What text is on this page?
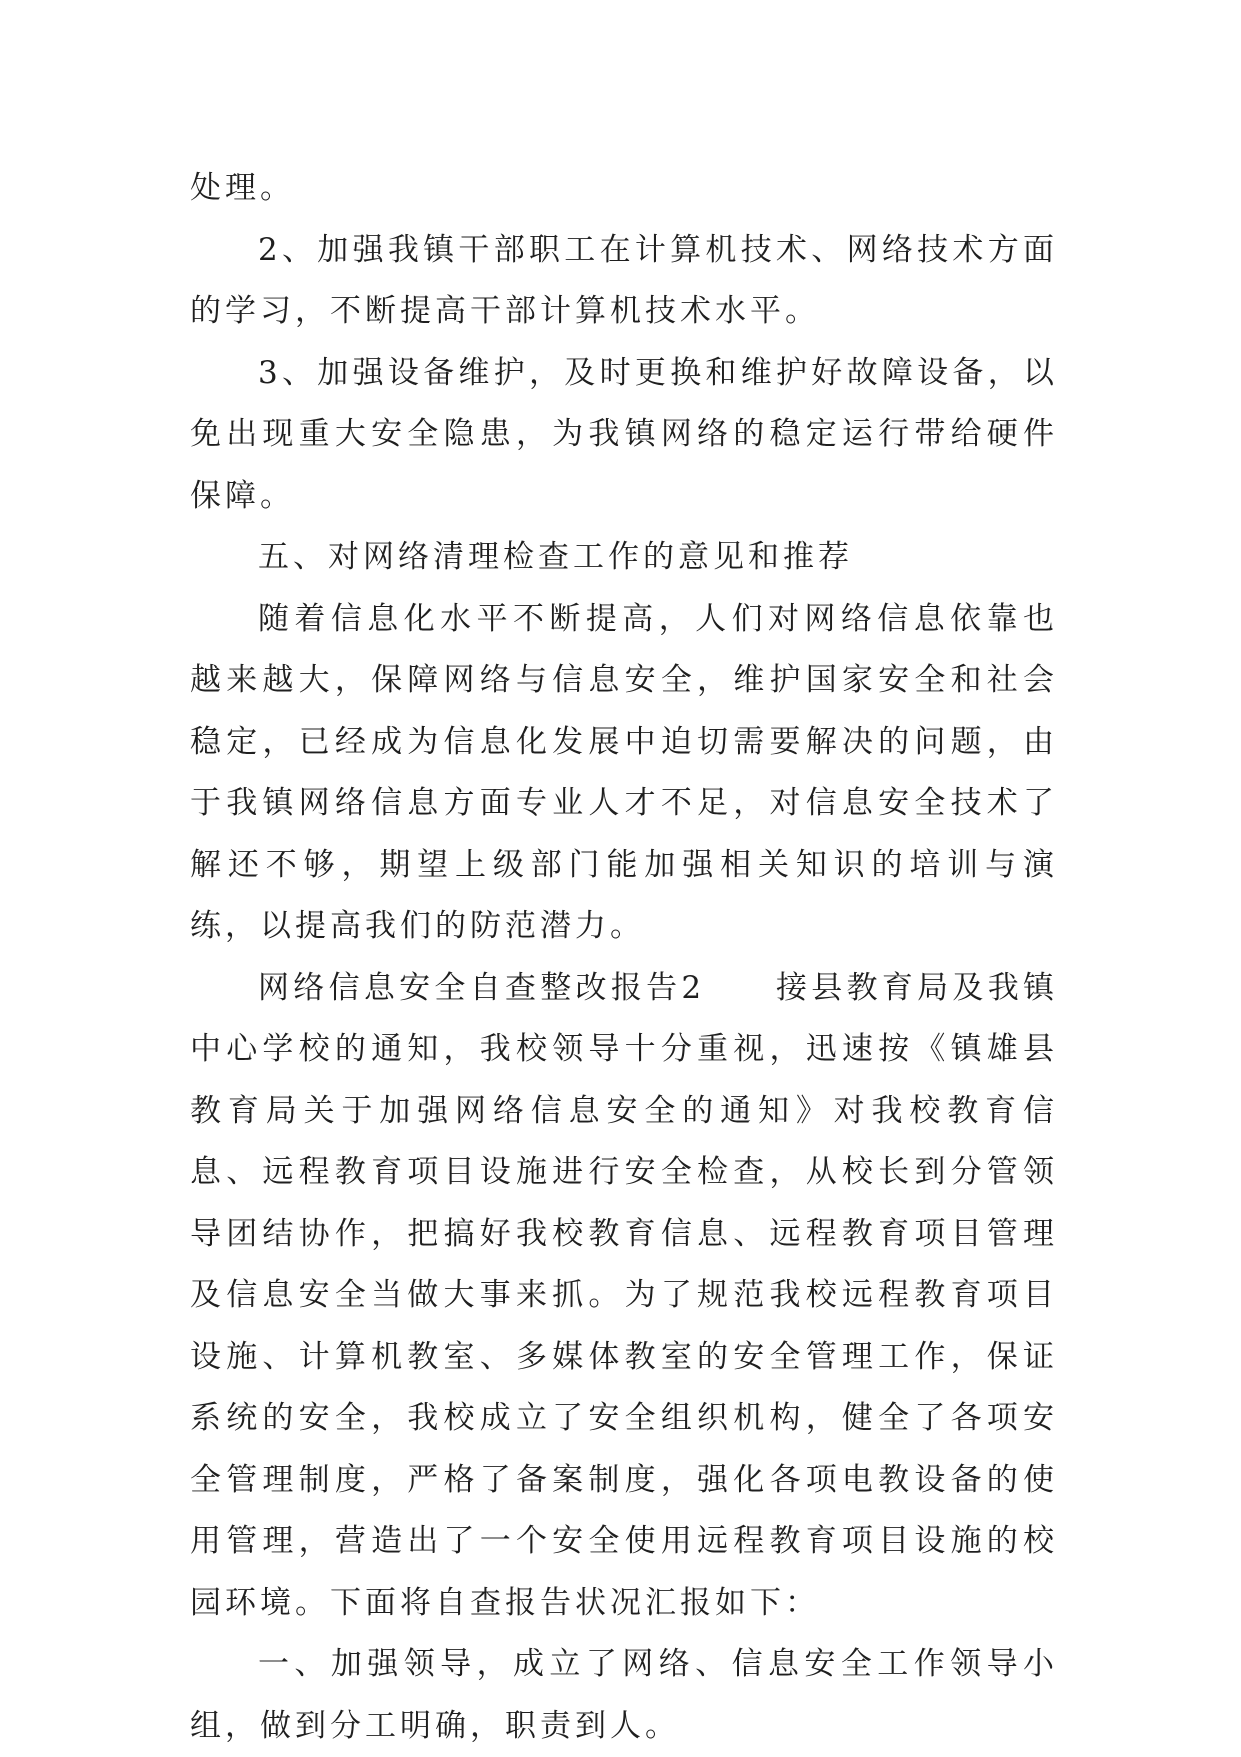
处理。

2、加强我镇干部职工在计算机技术、网络技术方面的学习，不断提高干部计算机技术水平。

3、加强设备维护，及时更换和维护好故障设备，以免出现重大安全隐患，为我镇网络的稳定运行带给硬件保障。

五、对网络清理检查工作的意见和推荐

随着信息化水平不断提高，人们对网络信息依靠也越来越大，保障网络与信息安全，维护国家安全和社会稳定，已经成为信息化发展中迫切需要解决的问题，由于我镇网络信息方面专业人才不足，对信息安全技术了解还不够，期望上级部门能加强相关知识的培训与演练，以提高我们的防范潜力。

网络信息安全自查整改报告2　　接县教育局及我镇中心学校的通知，我校领导十分重视，迅速按《镇雄县教育局关于加强网络信息安全的通知》对我校教育信息、远程教育项目设施进行安全检查，从校长到分管领导团结协作，把搞好我校教育信息、远程教育项目管理及信息安全当做大事来抓。为了规范我校远程教育项目设施、计算机教室、多媒体教室的安全管理工作，保证系统的安全，我校成立了安全组织机构，健全了各项安全管理制度，严格了备案制度，强化各项电教设备的使用管理，营造出了一个安全使用远程教育项目设施的校园环境。下面将自查报告状况汇报如下：

一、加强领导，成立了网络、信息安全工作领导小组，做到分工明确，职责到人。
